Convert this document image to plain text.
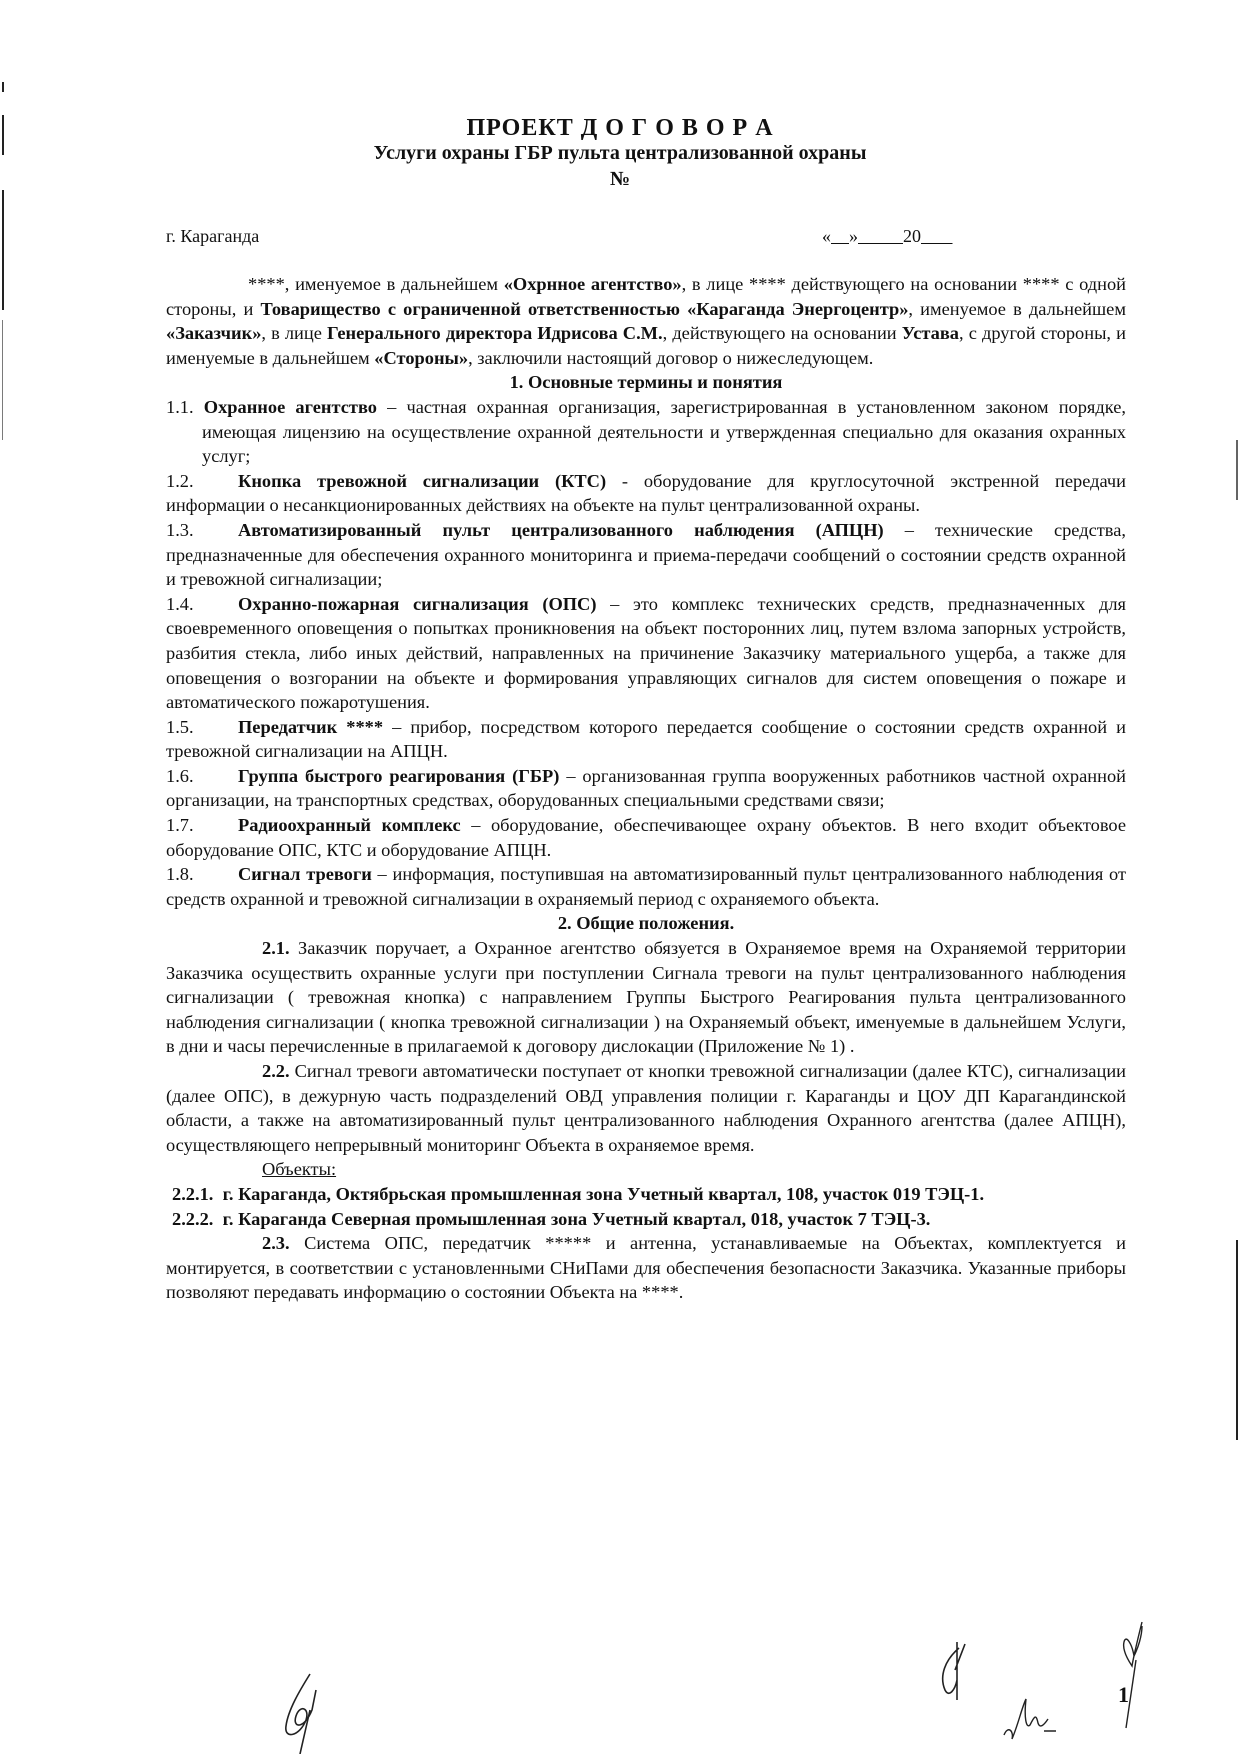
ПРОЕКТ Д О Г О В О Р А
Услуги охраны ГБР пульта централизованной охраны
№
г. Караганда	« »	20

****, именуемое в дальнейшем «Охрнное агентство», в лице **** действующего на основании **** с одной стороны, и Товарищество с ограниченной ответственностью «Караганда Энергоцентр», именуемое в дальнейшем «Заказчик», в лице Генерального директора Идрисова С.М., действующего на основании Устава, с другой стороны, и именуемые в дальнейшем «Стороны», заключили настоящий договор о нижеследующем.

1. Основные термины и понятия

1.1. Охранное агентство – частная охранная организация, зарегистрированная в установленном законом порядке, имеющая лицензию на осуществление охранной деятельности и утвержденная специально для оказания охранных услуг;

1.2. Кнопка тревожной сигнализации (КТС) - оборудование для круглосуточной экстренной передачи информации о несанкционированных действиях на объекте на пульт централизованной охраны.

1.3. Автоматизированный пульт централизованного наблюдения (АПЦН) – технические средства, предназначенные для обеспечения охранного мониторинга и приема-передачи сообщений о состоянии средств охранной и тревожной сигнализации;

1.4. Охранно-пожарная сигнализация (ОПС) – это комплекс технических средств, предназначенных для своевременного оповещения о попытках проникновения на объект посторонних лиц, путем взлома запорных устройств, разбития стекла, либо иных действий, направленных на причинение Заказчику материального ущерба, а также для оповещения о возгорании на объекте и формирования управляющих сигналов для систем оповещения о пожаре и автоматического пожаротушения.

1.5. Передатчик **** – прибор, посредством которого передается сообщение о состоянии средств охранной и тревожной сигнализации на АПЦН.

1.6. Группа быстрого реагирования (ГБР) – организованная группа вооруженных работников частной охранной организации, на транспортных средствах, оборудованных специальными средствами связи;

1.7. Радиоохранный комплекс – оборудование, обеспечивающее охрану объектов. В него входит объектовое оборудование ОПС, КТС и оборудование АПЦН.

1.8. Сигнал тревоги – информация, поступившая на автоматизированный пульт централизованного наблюдения от средств охранной и тревожной сигнализации в охраняемый период с охраняемого объекта.

2. Общие положения.

2.1. Заказчик поручает, а Охранное агентство обязуется в Охраняемое время на Охраняемой территории Заказчика осуществить охранные услуги при поступлении Сигнала тревоги на пульт централизованного наблюдения сигнализации ( тревожная кнопка) с направлением Группы Быстрого Реагирования пульта централизованного наблюдения сигнализации ( кнопка тревожной сигнализации ) на Охраняемый объект, именуемые в дальнейшем Услуги, в дни и часы перечисленные в прилагаемой к договору дислокации (Приложение № 1) .

2.2. Сигнал тревоги автоматически поступает от кнопки тревожной сигнализации (далее КТС), сигнализации (далее ОПС), в дежурную часть подразделений ОВД управления полиции г. Караганды и ЦОУ ДП Карагандинской области, а также на автоматизированный пульт централизованного наблюдения Охранного агентства (далее АПЦН), осуществляющего непрерывный мониторинг Объекта в охраняемое время.

Объекты:

2.2.1. г. Караганда, Октябрьская промышленная зона Учетный квартал, 108, участок 019 ТЭЦ-1.

2.2.2. г. Караганда Северная промышленная зона Учетный квартал, 018, участок 7 ТЭЦ-3.

2.3. Система ОПС, передатчик ***** и антенна, устанавливаемые на Объектах, комплектуется и монтируется, в соответствии с установленными СНиПами для обеспечения безопасности Заказчика. Указанные приборы позволяют передавать информацию о состоянии Объекта на ****.

1
